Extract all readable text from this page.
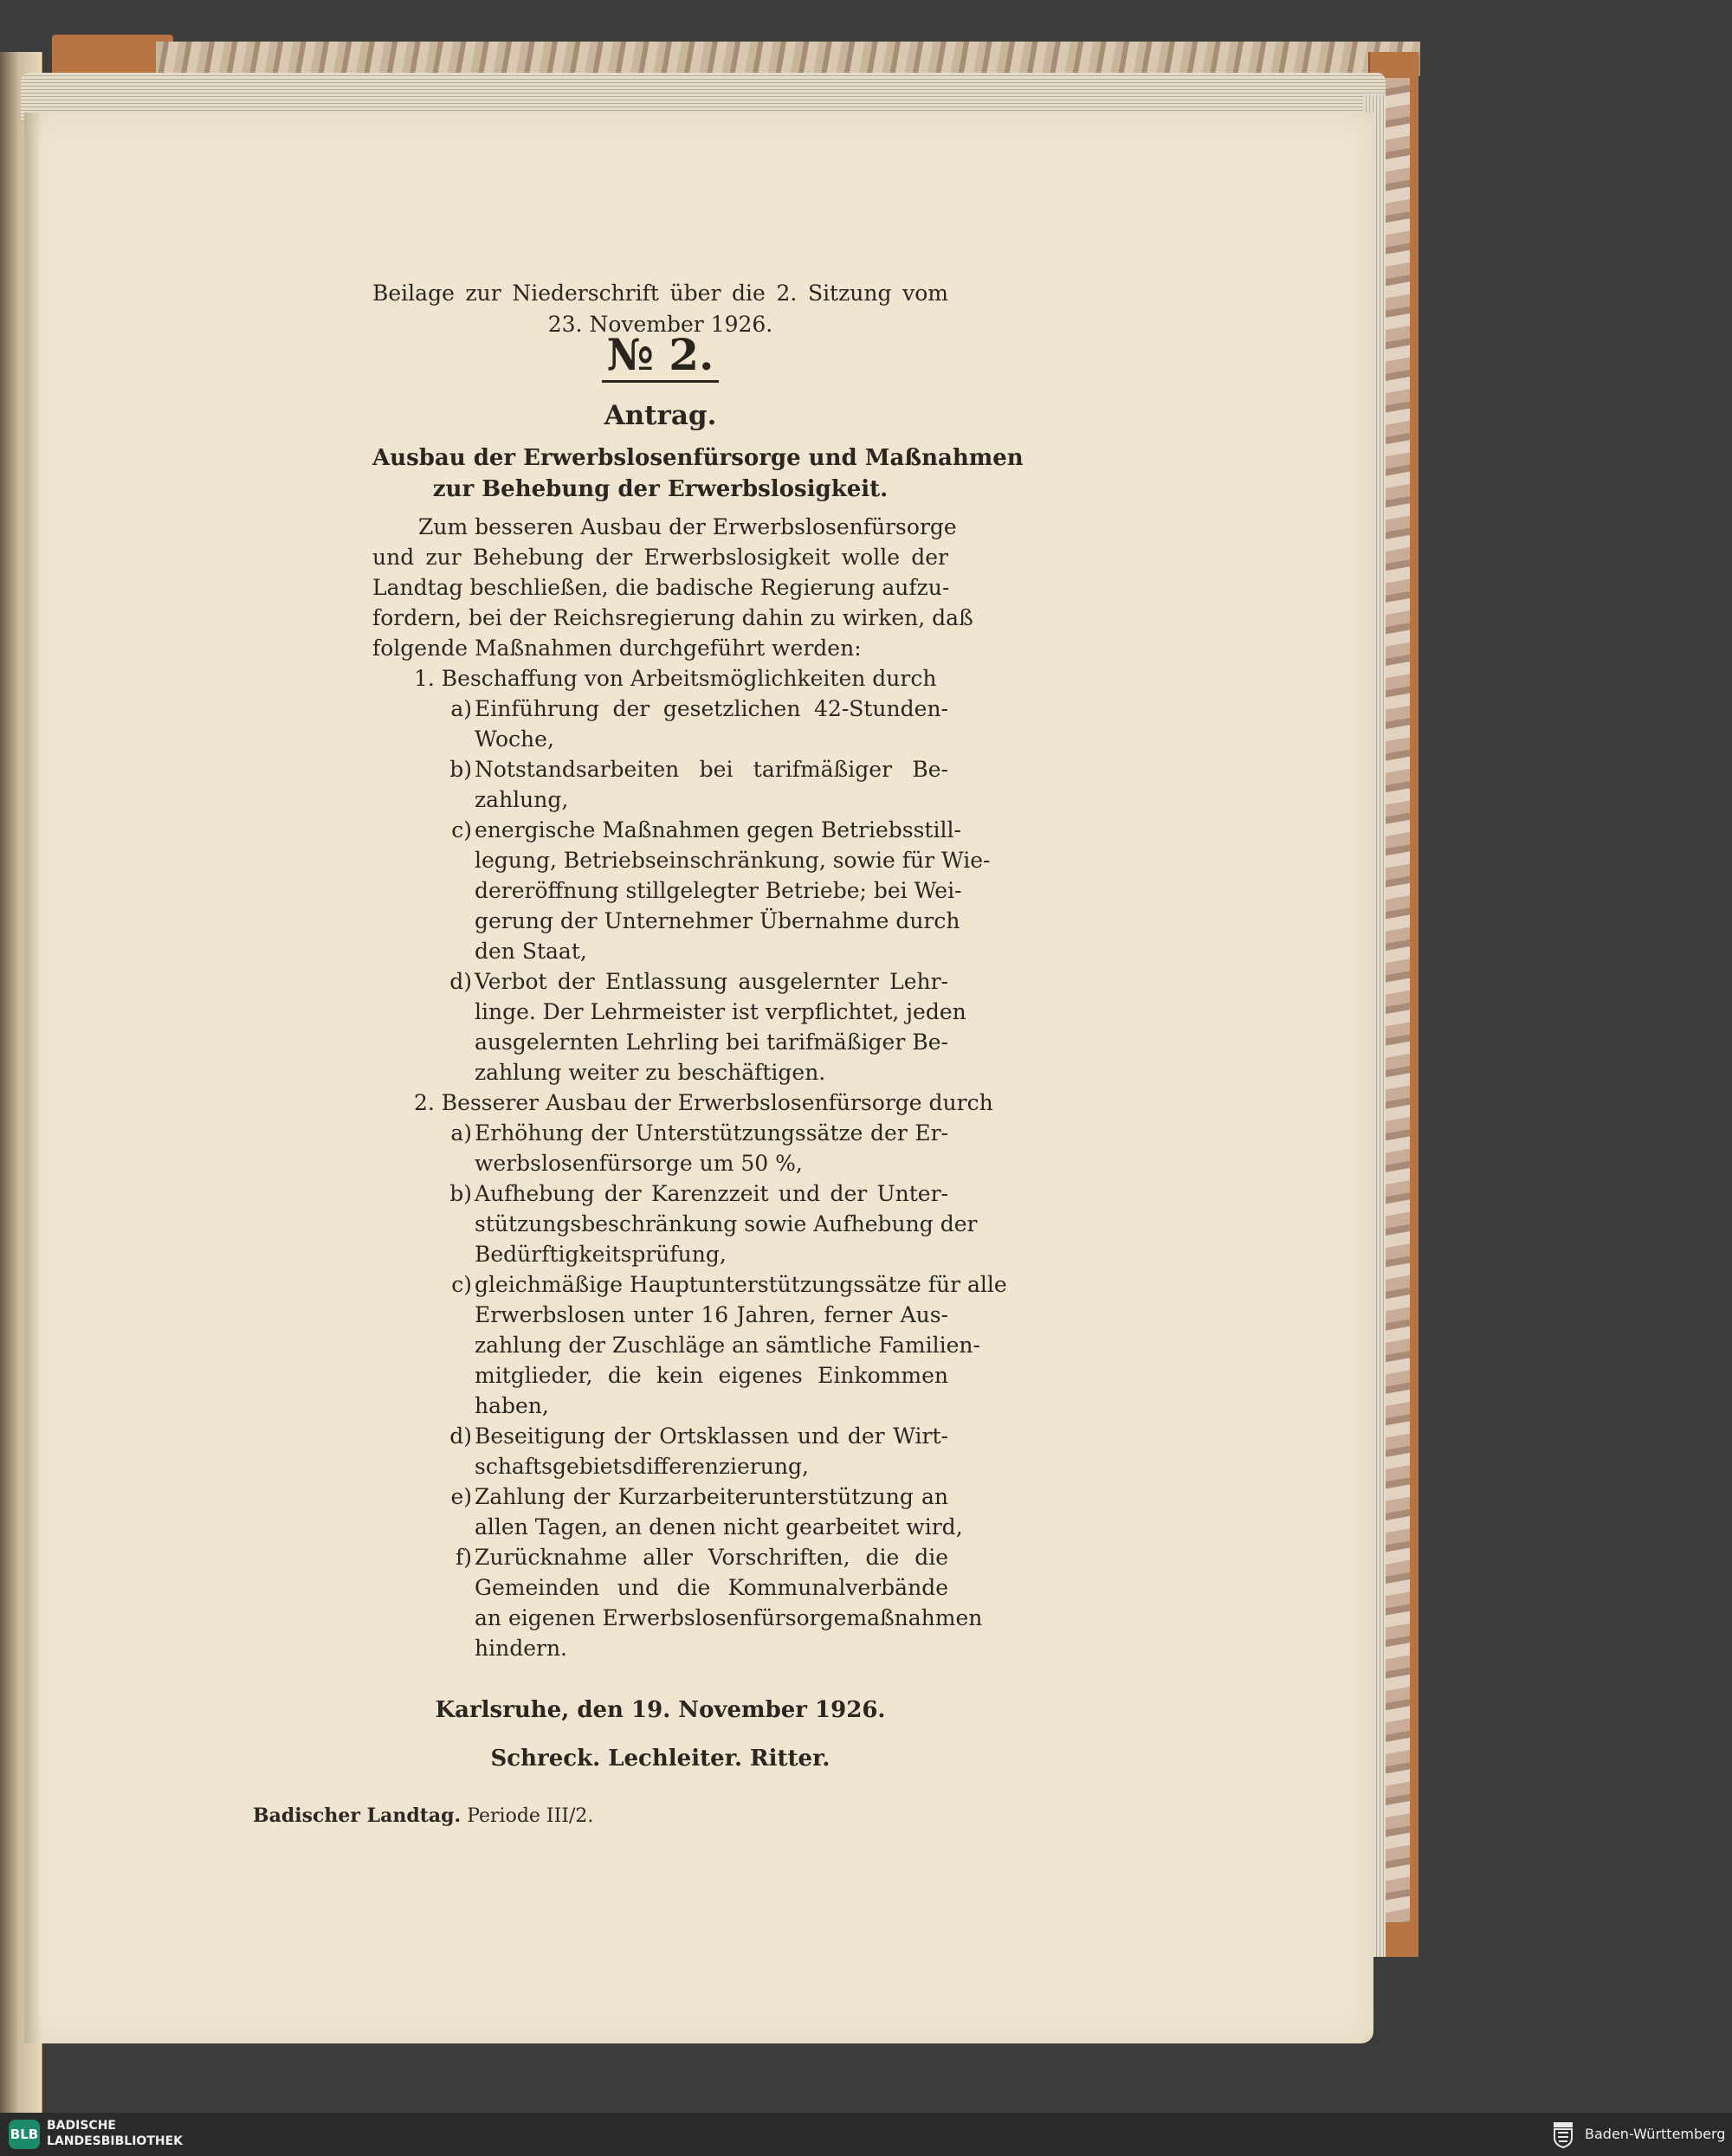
№ 2.
Beilage zur Niederschrift über die 2. Sitzung vom
23. November 1926.
Antrag.
Ausbau der Erwerbslosenfürsorge und Maßnahmen
zur Behebung der Erwerbslosigkeit.
Zum besseren Ausbau der Erwerbslosenfürsorge
und zur Behebung der Erwerbslosigkeit wolle der
Landtag beschließen, die badische Regierung aufzu-
fordern, bei der Reichsregierung dahin zu wirken, daß
folgende Maßnahmen durchgeführt werden:
1. Beschaffung von Arbeitsmöglichkeiten durch
a) Einführung der gesetzlichen 42-Stunden-
Woche,
b) Notstandsarbeiten bei tarifmäßiger Be-
zahlung,
c) energische Maßnahmen gegen Betriebsstill-
legung, Betriebseinschränkung, sowie für Wie-
dereröffnung stillgelegter Betriebe; bei Wei-
gerung der Unternehmer Übernahme durch
den Staat,
d) Verbot der Entlassung ausgelernter Lehr-
linge. Der Lehrmeister ist verpflichtet, jeden
ausgelernten Lehrling bei tarifmäßiger Be-
zahlung weiter zu beschäftigen.
2. Besserer Ausbau der Erwerbslosenfürsorge durch
a) Erhöhung der Unterstützungssätze der Er-
werbslosenfürsorge um 50 %,
b) Aufhebung der Karenzzeit und der Unter-
stützungsbeschränkung sowie Aufhebung der
Bedürftigkeitsprüfung,
c) gleichmäßige Hauptunterstützungssätze für alle
Erwerbslosen unter 16 Jahren, ferner Aus-
zahlung der Zuschläge an sämtliche Familien-
mitglieder, die kein eigenes Einkommen
haben,
d) Beseitigung der Ortsklassen und der Wirt-
schaftsgebietsdifferenzierung,
e) Zahlung der Kurzarbeiterunterstützung an
allen Tagen, an denen nicht gearbeitet wird,
f) Zurücknahme aller Vorschriften, die die
Gemeinden und die Kommunalverbände
an eigenen Erwerbslosenfürsorgemaßnahmen
hindern.
Karlsruhe, den 19. November 1926.
Schreck. Lechleiter. Ritter.
Badischer Landtag. Periode III/2.
BLB
BADISCHE
LANDESBIBLIOTHEK	Baden-Württemberg
